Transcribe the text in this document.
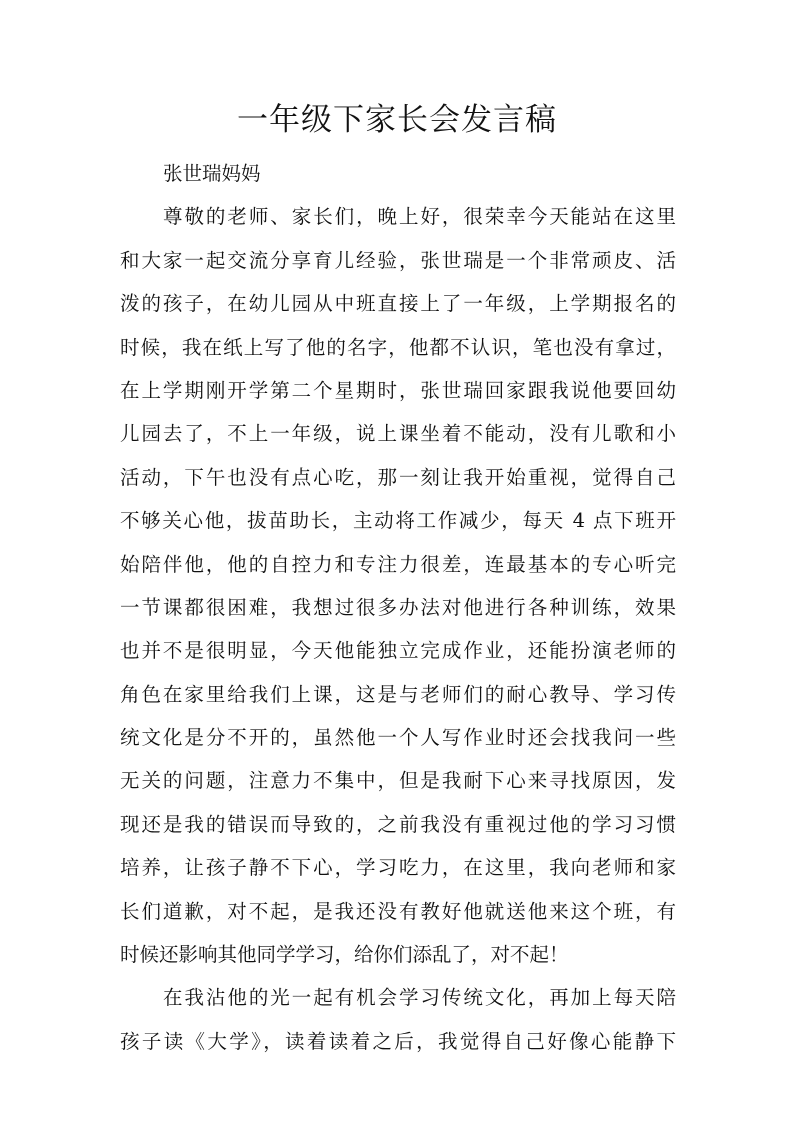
一年级下家长会发言稿
张世瑞妈妈
尊敬的老师、家长们，晚上好，很荣幸今天能站在这里
和大家一起交流分享育儿经验，张世瑞是一个非常顽皮、活
泼的孩子，在幼儿园从中班直接上了一年级，上学期报名的
时候，我在纸上写了他的名字，他都不认识，笔也没有拿过，
在上学期刚开学第二个星期时，张世瑞回家跟我说他要回幼
儿园去了，不上一年级，说上课坐着不能动，没有儿歌和小
活动，下午也没有点心吃，那一刻让我开始重视，觉得自己
不够关心他，拔苗助长，主动将工作减少，每天 4 点下班开
始陪伴他，他的自控力和专注力很差，连最基本的专心听完
一节课都很困难，我想过很多办法对他进行各种训练，效果
也并不是很明显，今天他能独立完成作业，还能扮演老师的
角色在家里给我们上课，这是与老师们的耐心教导、学习传
统文化是分不开的，虽然他一个人写作业时还会找我问一些
无关的问题，注意力不集中，但是我耐下心来寻找原因，发
现还是我的错误而导致的，之前我没有重视过他的学习习惯
培养，让孩子静不下心，学习吃力，在这里，我向老师和家
长们道歉，对不起，是我还没有教好他就送他来这个班，有
时候还影响其他同学学习，给你们添乱了，对不起！
在我沾他的光一起有机会学习传统文化，再加上每天陪
孩子读《大学》，读着读着之后，我觉得自己好像心能静下
